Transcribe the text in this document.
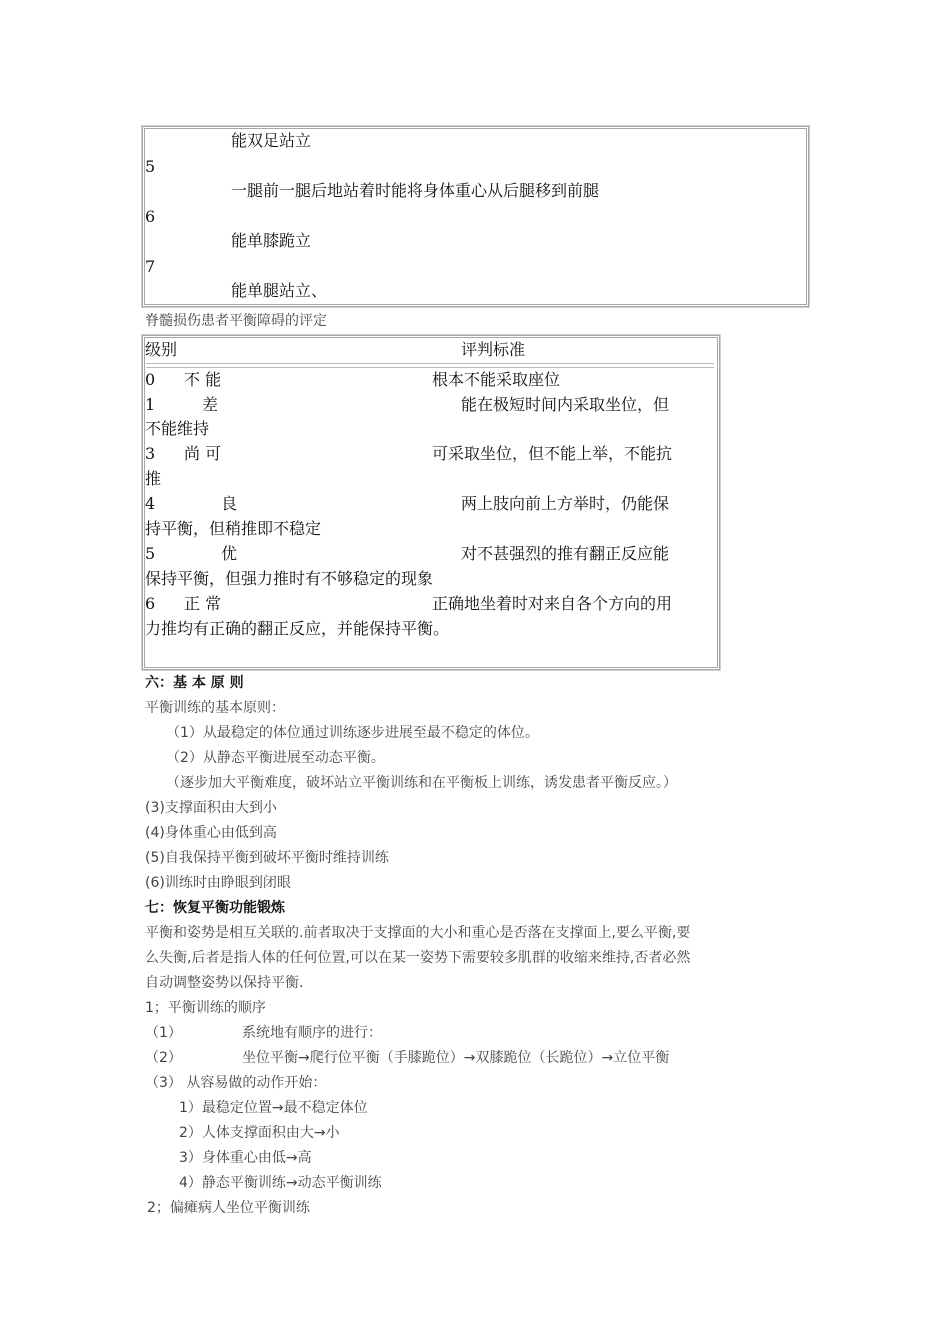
能双足站立
5
一腿前一腿后地站着时能将身体重心从后腿移到前腿
6
能单膝跪立
7
能单腿站立、
脊髓损伤患者平衡障碍的评定
级别	评判标准
0 不 能	根本不能采取座位
1	差	能在极短时间内采取坐位，但
不能维持
3 尚 可	可采取坐位，但不能上举，不能抗
推
4	良	两上肢向前上方举时，仍能保
持平衡，但稍推即不稳定
5	优	对不甚强烈的推有翻正反应能
保持平衡，但强力推时有不够稳定的现象
6 正 常	正确地坐着时对来自各个方向的用
力推均有正确的翻正反应，并能保持平衡。
六：基 本 原 则
平衡训练的基本原则：
（1）从最稳定的体位通过训练逐步进展至最不稳定的体位。
（2）从静态平衡进展至动态平衡。
（逐步加大平衡难度，破坏站立平衡训练和在平衡板上训练，诱发患者平衡反应。）
(3)支撑面积由大到小
(4)身体重心由低到高
(5)自我保持平衡到破坏平衡时维持训练
(6)训练时由睁眼到闭眼
七：恢复平衡功能锻炼
平衡和姿势是相互关联的.前者取决于支撑面的大小和重心是否落在支撑面上,要么平衡,要
么失衡,后者是指人体的任何位置,可以在某一姿势下需要较多肌群的收缩来维持,否者必然
自动调整姿势以保持平衡.
1；平衡训练的顺序
（1）	系统地有顺序的进行：
（2）	坐位平衡→爬行位平衡（手膝跪位）→双膝跪位（长跪位）→立位平衡
（3） 从容易做的动作开始：
1）最稳定位置→最不稳定体位
2）人体支撑面积由大→小
3）身体重心由低→高
4）静态平衡训练→动态平衡训练
2；偏瘫病人坐位平衡训练
